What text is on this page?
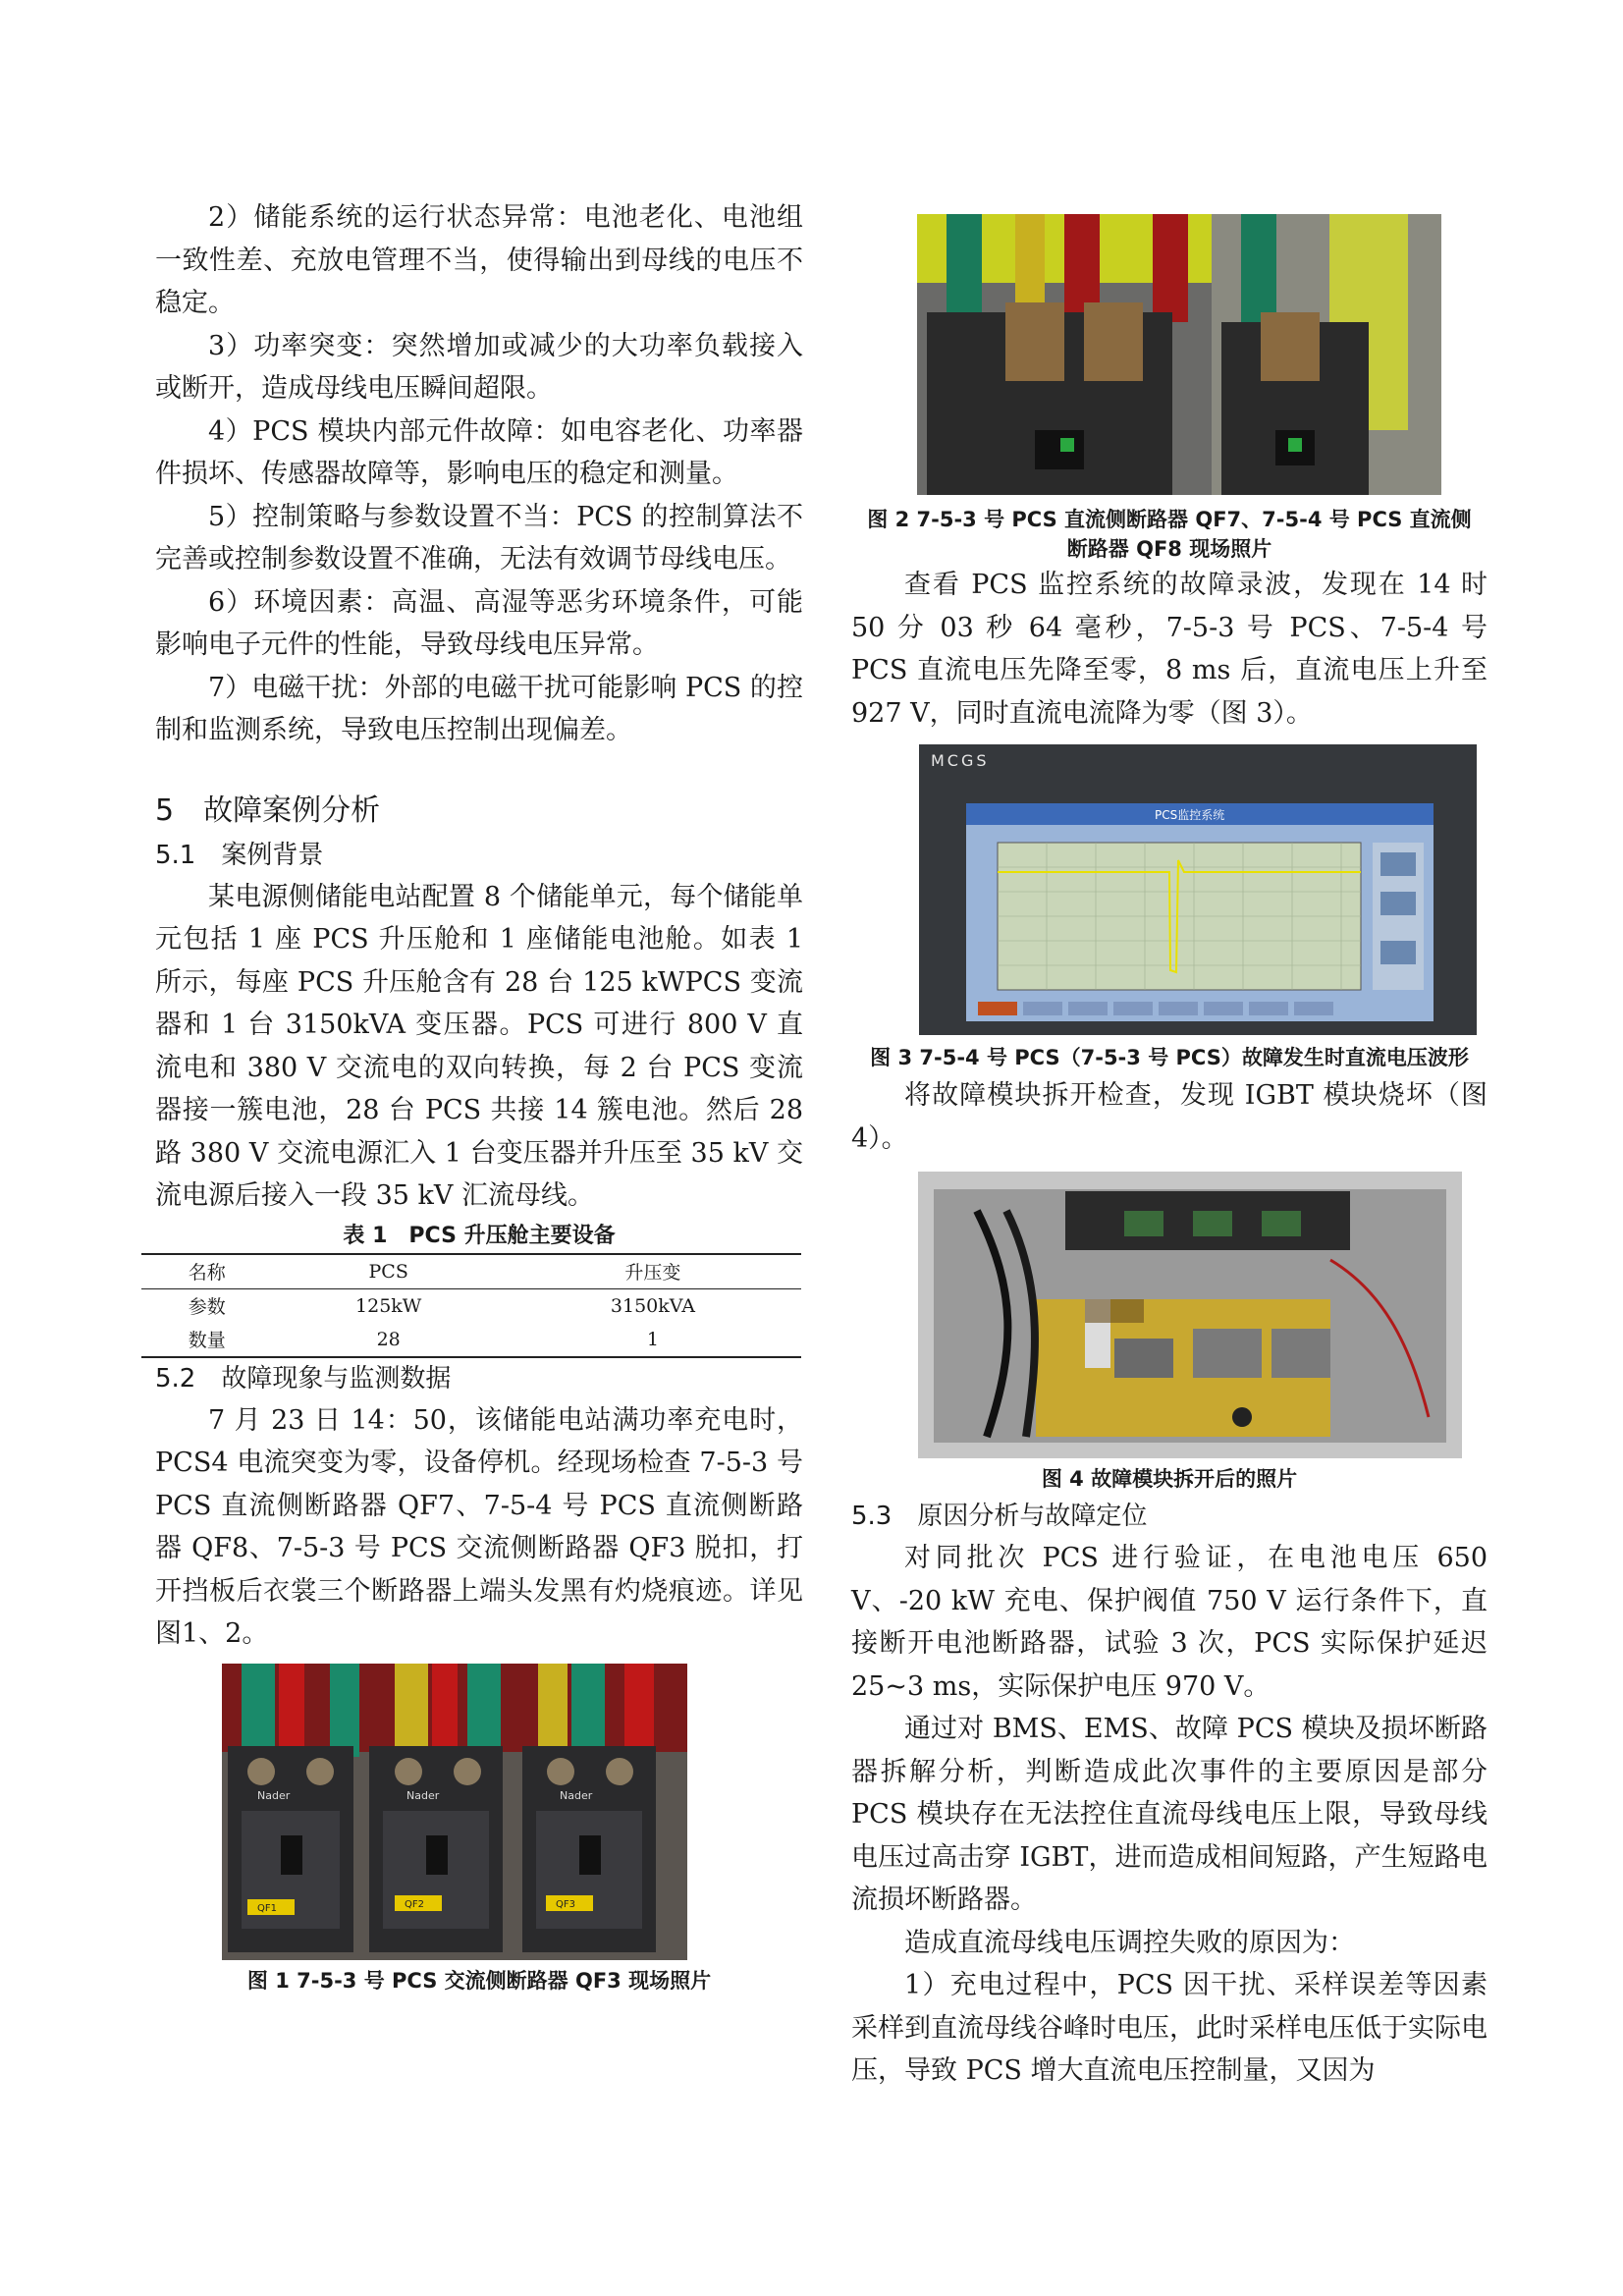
2）储能系统的运行状态异常：电池老化、电池组一致性差、充放电管理不当，使得输出到母线的电压不稳定。

3）功率突变：突然增加或减少的大功率负载接入或断开，造成母线电压瞬间超限。

4）PCS 模块内部元件故障：如电容老化、功率器件损坏、传感器故障等，影响电压的稳定和测量。

5）控制策略与参数设置不当：PCS 的控制算法不完善或控制参数设置不准确，无法有效调节母线电压。

6）环境因素：高温、高湿等恶劣环境条件，可能影响电子元件的性能，导致母线电压异常。

7）电磁干扰：外部的电磁干扰可能影响 PCS 的控制和监测系统，导致电压控制出现偏差。

5　故障案例分析
5.1　案例背景

某电源侧储能电站配置 8 个储能单元，每个储能单元包括 1 座 PCS 升压舱和 1 座储能电池舱。如表 1 所示，每座 PCS 升压舱含有 28 台 125 kWPCS 变流器和 1 台 3150kVA 变压器。PCS 可进行 800 V 直流电和 380 V 交流电的双向转换，每 2 台 PCS 变流器接一簇电池，28 台 PCS 共接 14 簇电池。然后 28 路 380 V 交流电源汇入 1 台变压器并升压至 35 kV 交流电源后接入一段 35 kV 汇流母线。

表 1　PCS 升压舱主要设备
名称	PCS	升压变
参数	125kW	3150kVA
数量	28	1
5.2　故障现象与监测数据

7 月 23 日 14：50，该储能电站满功率充电时，PCS4 电流突变为零，设备停机。经现场检查 7-5-3 号 PCS 直流侧断路器 QF7、7-5-4 号 PCS 直流侧断路器 QF8、7-5-3 号 PCS 交流侧断路器 QF3 脱扣，打开挡板后衣裳三个断路器上端头发黑有灼烧痕迹。详见图1、2。

Nader	Nader	Nader
QF1	QF2	QF3
图 1 7-5-3 号 PCS 交流侧断路器 QF3 现场照片
图 2 7-5-3 号 PCS 直流侧断路器 QF7、7-5-4 号 PCS 直流侧
断路器 QF8 现场照片

查看 PCS 监控系统的故障录波，发现在 14 时 50 分 03 秒 64 毫秒，7-5-3 号 PCS、7-5-4 号 PCS 直流电压先降至零，8 ms 后，直流电压上升至 927 V，同时直流电流降为零（图 3）。

MCGS
PCS监控系统
图 3 7-5-4 号 PCS（7-5-3 号 PCS）故障发生时直流电压波形

将故障模块拆开检查，发现 IGBT 模块烧坏（图 4）。

图 4 故障模块拆开后的照片
5.3　原因分析与故障定位

对同批次 PCS 进行验证，在电池电压 650 V、-20 kW 充电、保护阀值 750 V 运行条件下，直接断开电池断路器，试验 3 次，PCS 实际保护延迟 25~3 ms，实际保护电压 970 V。

通过对 BMS、EMS、故障 PCS 模块及损坏断路器拆解分析，判断造成此次事件的主要原因是部分 PCS 模块存在无法控住直流母线电压上限，导致母线电压过高击穿 IGBT，进而造成相间短路，产生短路电流损坏断路器。

造成直流母线电压调控失败的原因为：

1）充电过程中，PCS 因干扰、采样误差等因素采样到直流母线谷峰时电压，此时采样电压低于实际电压，导致 PCS 增大直流电压控制量，又因为
